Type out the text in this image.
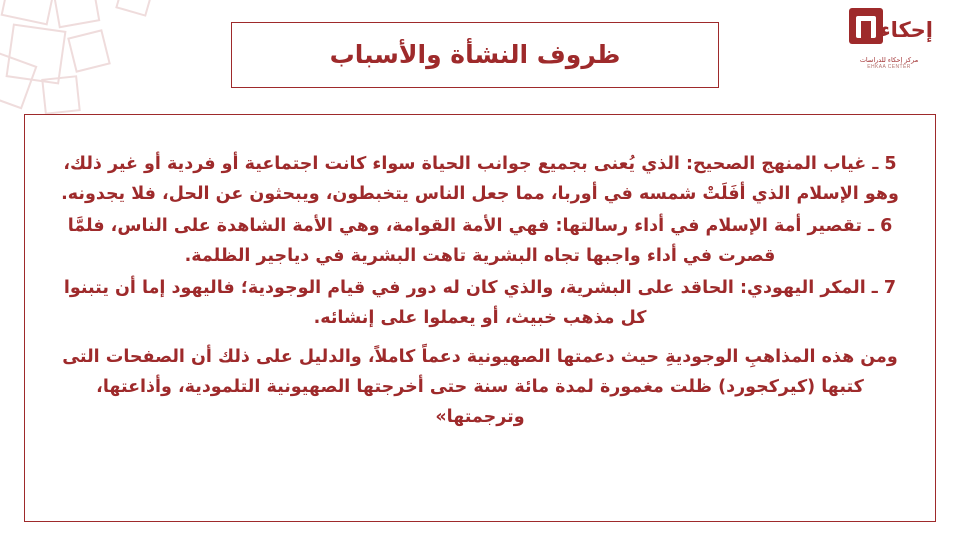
ظروف النشأة والأسباب
إحكاء
مركز إحكاء للدراسات
EHKAA CENTER

5 ـ غياب المنهج الصحيح: الذي يُعنى بجميع جوانب الحياة سواء كانت اجتماعية أو فردية أو غير ذلك، وهو الإسلام الذي أفَلَتْ شمسه في أوربا، مما جعل الناس يتخبطون، ويبحثون عن الحل، فلا يجدونه.

6 ـ تقصير أمة الإسلام في أداء رسالتها: فهي الأمة القوامة، وهي الأمة الشاهدة على الناس، فلمَّا قصرت في أداء واجبها تجاه البشرية تاهت البشرية في دياجير الظلمة.

7 ـ المكر اليهودي: الحاقد على البشرية، والذي كان له دور في قيام الوجودية؛ فاليهود إما أن يتبنوا كل مذهب خبيث، أو يعملوا على إنشائه.

ومن هذه المذاهبِ الوجوديةِ حيث دعمتها الصهيونية دعماً كاملاً، والدليل على ذلك أن الصفحات التى كتبها (كيركجورد) ظلت مغمورة لمدة مائة سنة حتى أخرجتها الصهيونية التلمودية، وأذاعتها، وترجمتها»
